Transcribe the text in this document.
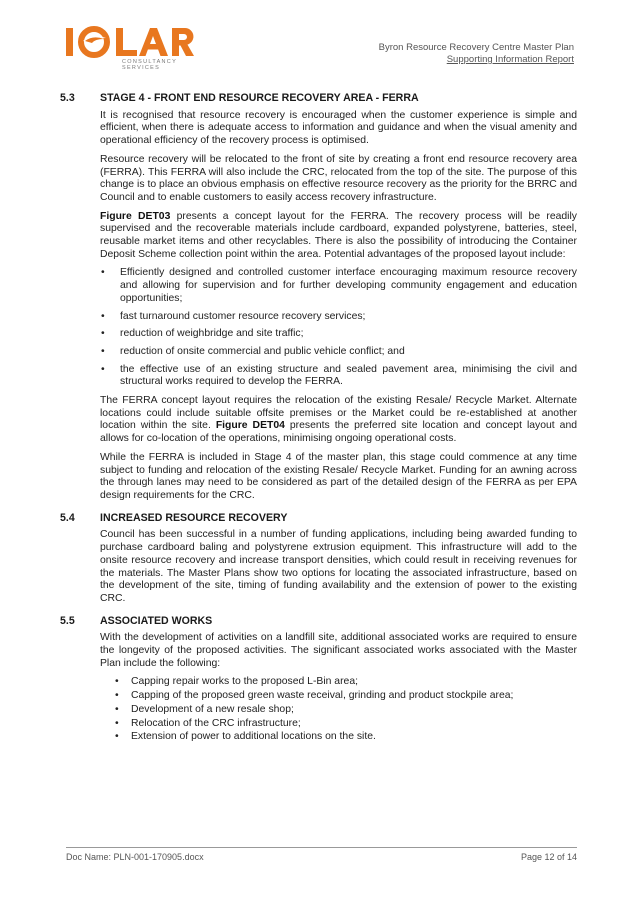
CONSULTANCY SERVICES
Byron Resource Recovery Centre Master Plan
Supporting Information Report
5.3	STAGE 4 - FRONT END RESOURCE RECOVERY AREA - FERRA

It is recognised that resource recovery is encouraged when the customer experience is simple and efficient, when there is adequate access to information and guidance and when the visual amenity and operational efficiency of the recovery process is optimised.

Resource recovery will be relocated to the front of site by creating a front end resource recovery area (FERRA). This FERRA will also include the CRC, relocated from the top of the site. The purpose of this change is to place an obvious emphasis on effective resource recovery as the priority for the BRRC and Council and to enable customers to easily access recovery infrastructure.

Figure DET03 presents a concept layout for the FERRA. The recovery process will be readily supervised and the recoverable materials include cardboard, expanded polystyrene, batteries, steel, reusable market items and other recyclables. There is also the possibility of introducing the Container Deposit Scheme collection point within the area. Potential advantages of the proposed layout include:

• Efficiently designed and controlled customer interface encouraging maximum resource recovery and allowing for supervision and for further developing community engagement and education opportunities;
• fast turnaround customer resource recovery services;
• reduction of weighbridge and site traffic;
• reduction of onsite commercial and public vehicle conflict; and
• the effective use of an existing structure and sealed pavement area, minimising the civil and structural works required to develop the FERRA.

The FERRA concept layout requires the relocation of the existing Resale/ Recycle Market. Alternate locations could include suitable offsite premises or the Market could be re-established at another location within the site. Figure DET04 presents the preferred site location and concept layout and allows for co-location of the operations, minimising ongoing operational costs.

While the FERRA is included in Stage 4 of the master plan, this stage could commence at any time subject to funding and relocation of the existing Resale/ Recycle Market. Funding for an awning across the through lanes may need to be considered as part of the detailed design of the FERRA as per EPA design requirements for the CRC.

5.4	INCREASED RESOURCE RECOVERY

Council has been successful in a number of funding applications, including being awarded funding to purchase cardboard baling and polystyrene extrusion equipment. This infrastructure will add to the onsite resource recovery and increase transport densities, which could result in receiving revenues for the materials. The Master Plans show two options for locating the associated infrastructure, based on the development of the site, timing of funding availability and the extension of power to the existing CRC.

5.5	ASSOCIATED WORKS

With the development of activities on a landfill site, additional associated works are required to ensure the longevity of the proposed activities. The significant associated works associated with the Master Plan include the following:

• Capping repair works to the proposed L-Bin area;
• Capping of the proposed green waste receival, grinding and product stockpile area;
• Development of a new resale shop;
• Relocation of the CRC infrastructure;
• Extension of power to additional locations on the site.
Doc Name: PLN-001-170905.docx	Page 12 of 14
